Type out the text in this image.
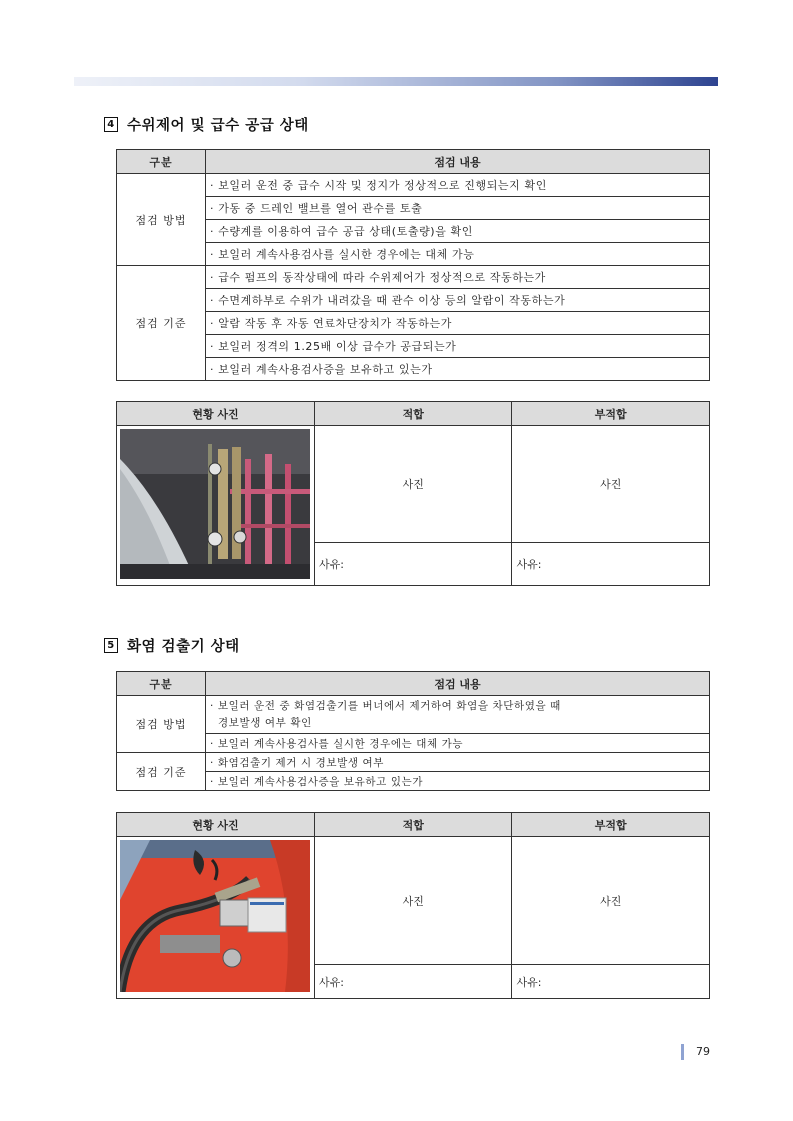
4 수위제어 및 급수 공급 상태
구분	점검 내용
점검 방법	· 보일러 운전 중 급수 시작 및 정지가 정상적으로 진행되는지 확인
	· 가동 중 드레인 밸브를 열어 관수를 토출
	· 수량계를 이용하여 급수 공급 상태(토출량)을 확인
	· 보일러 계속사용검사를 실시한 경우에는 대체 가능
점검 기준	· 급수 펌프의 동작상태에 따라 수위제어가 정상적으로 작동하는가
	· 수면계하부로 수위가 내려갔을 때 관수 이상 등의 알람이 작동하는가
	· 알람 작동 후 자동 연료차단장치가 작동하는가
	· 보일러 정격의 1.25배 이상 급수가 공급되는가
	· 보일러 계속사용검사증을 보유하고 있는가
현황 사진	적합	부적합
	사진	사진
	사유:	사유:
5 화염 검출기 상태
구분	점검 내용
점검 방법	· 보일러 운전 중 화염검출기를 버너에서 제거하여 화염을 차단하였을 때
경보발생 여부 확인

	· 보일러 계속사용검사를 실시한 경우에는 대체 가능
점검 기준	· 화염검출기 제거 시 경보발생 여부
	· 보일러 계속사용검사증을 보유하고 있는가
현황 사진	적합	부적합
	사진	사진
	사유:	사유:
79
